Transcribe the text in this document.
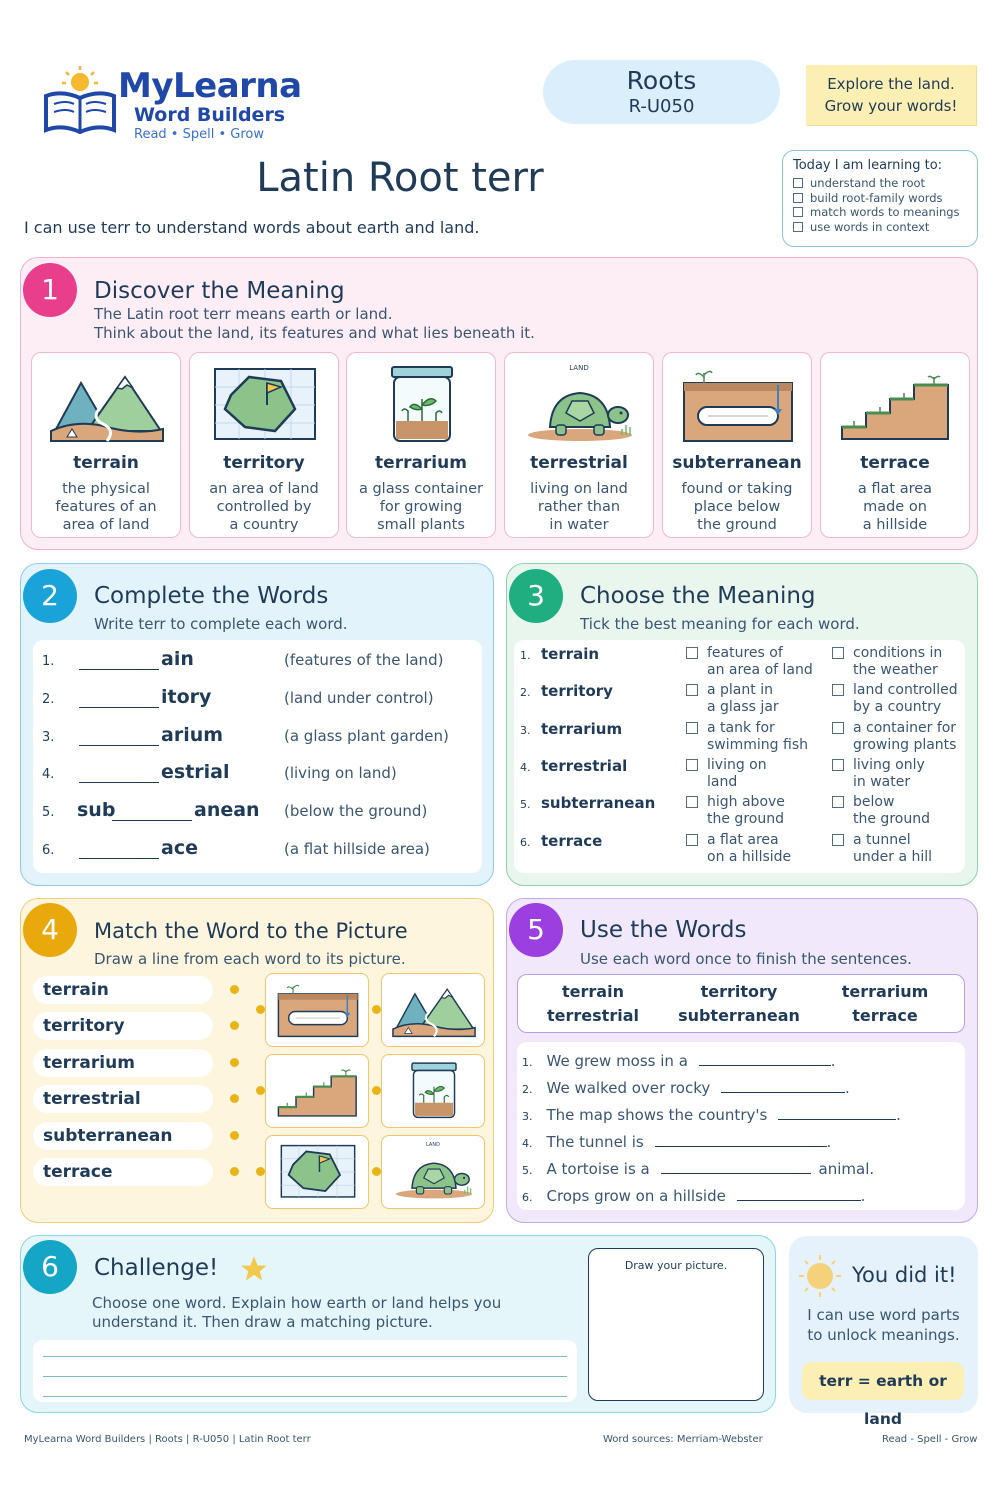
MyLearna
Word Builders
Read • Spell • Grow
Roots
R-U050
Explore the land.
Grow your words!
Latin Root terr
I can use terr to understand words about earth and land.
Today I am learning to:
understand the root
build root-family words
match words to meanings
use words in context
1	Discover the Meaning
The Latin root terr means earth or land.
Think about the land, its features and what lies beneath it.
terrain
the physical
features of an
area of land
territory
an area of land
controlled by
a country
terrarium
a glass container
for growing
small plants
LAND
terrestrial
living on land
rather than
in water
subterranean
found or taking
place below
the ground
terrace
a flat area
made on
a hillside
2	Complete the Words
Write terr to complete each word.
1.	ain	(features of the land)
2.	itory	(land under control)
3.	arium	(a glass plant garden)
4.	estrial	(living on land)
5. sub	anean (below the ground)
6.	ace	(a flat hillside area)
3	Choose the Meaning
Tick the best meaning for each word.
1. terrain	features of
an area of land
conditions in
the weather
2. territory	a plant in
a glass jar
land controlled
by a country
3. terrarium	a tank for
swimming fish
a container for
growing plants
4. terrestrial	living on
land
living only
in water
5. subterranean	high above
the ground
below
the ground
6. terrace	a flat area
on a hillside
a tunnel
under a hill
4	Match the Word to the Picture
Draw a line from each word to its picture.
terrain
territory
terrarium
terrestrial
subterranean
terrace
LAND
5	Use the Words
Use each word once to finish the sentences.
terrain	territory	terrarium
terrestrial	subterranean	terrace
1. We grew moss in a	.
2. We walked over rocky	.
3. The map shows the country's	.
4. The tunnel is	.
5. A tortoise is a	animal.
6. Crops grow on a hillside	.
6	Challenge!
Choose one word. Explain how earth or land helps you
understand it. Then draw a matching picture.
Draw your picture.	You did it!
I can use word parts
to unlock meanings.
terr = earth or land
MyLearna Word Builders | Roots | R-U050 | Latin Root terr	Word sources: Merriam-Webster	Read - Spell - Grow
